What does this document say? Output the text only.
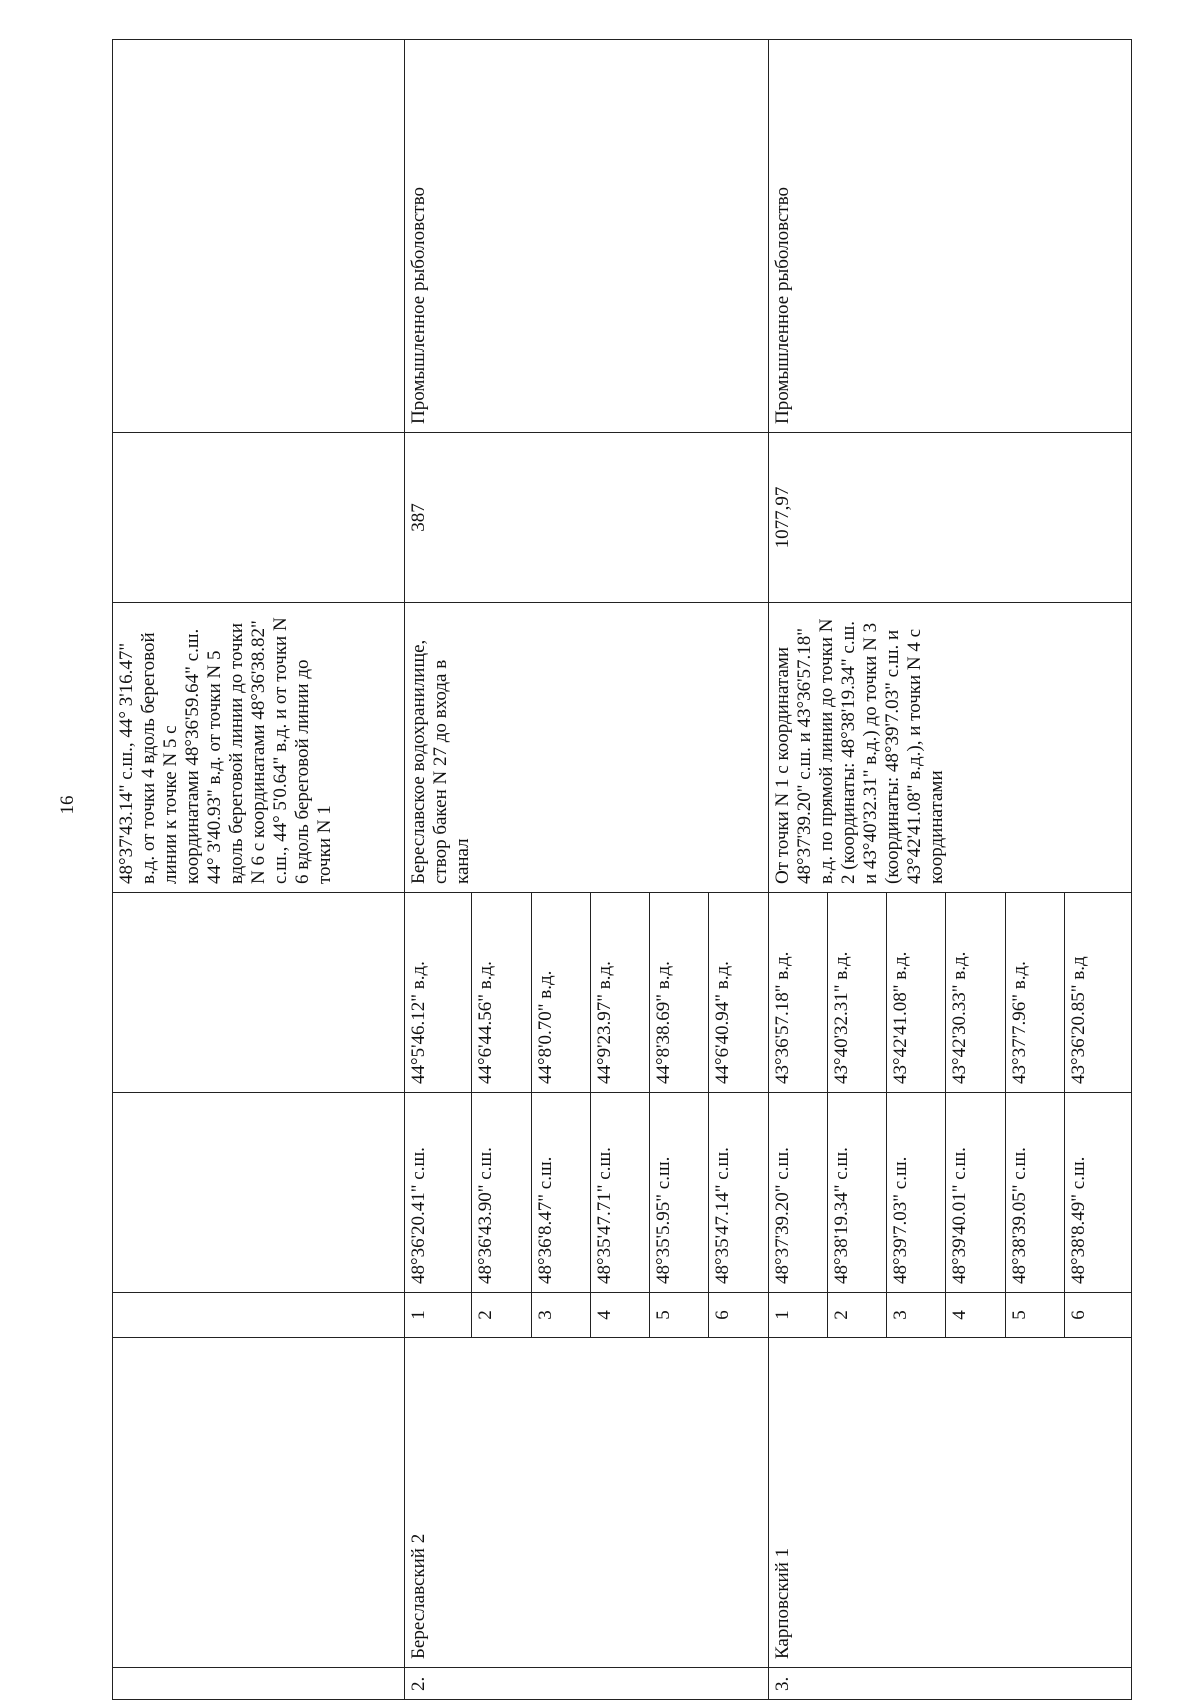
16
					48°37'43.14" с.ш., 44° 3'16.47" в.д. от точки 4 вдоль береговой линии к точке N 5 с координатами 48°36'59.64" с.ш. 44° 3'40.93" в.д. от точки N 5 вдоль береговой линии до точки N 6 с координатами 48°36'38.82" с.ш., 44° 5'0.64" в.д. и от точки N 6 вдоль береговой линии до точки N 1		
2.	Береславский 2	1	48°36'20.41" с.ш.	44°5'46.12" в.д.	Береславское водохранилище, створ бакен N 27 до входа в канал	387	Промышленное рыболовство
		2	48°36'43.90" с.ш.	44°6'44.56" в.д.			
		3	48°36'8.47" с.ш.	44°8'0.70" в.д.			
		4	48°35'47.71" с.ш.	44°9'23.97" в.д.			
		5	48°35'5.95" с.ш.	44°8'38.69" в.д.			
		6	48°35'47.14" с.ш.	44°6'40.94" в.д.			
3.	Карповский 1	1	48°37'39.20" с.ш.	43°36'57.18" в.д.	От точки N 1 с координатами 48°37'39.20" с.ш. и 43°36'57.18" в.д. по прямой линии до точки N 2 (координаты: 48°38'19.34" с.ш. и 43°40'32.31" в.д.) до точки N 3 (координаты: 48°39'7.03" с.ш. и 43°42'41.08" в.д.), и точки N 4 с координатами	1077,97	Промышленное рыболовство
		2	48°38'19.34" с.ш.	43°40'32.31" в.д.			
		3	48°39'7.03" с.ш.	43°42'41.08" в.д.			
		4	48°39'40.01" с.ш.	43°42'30.33" в.д.			
		5	48°38'39.05" с.ш.	43°37'7.96" в.д.			
		6	48°38'8.49" с.ш.	43°36'20.85" в.д			
